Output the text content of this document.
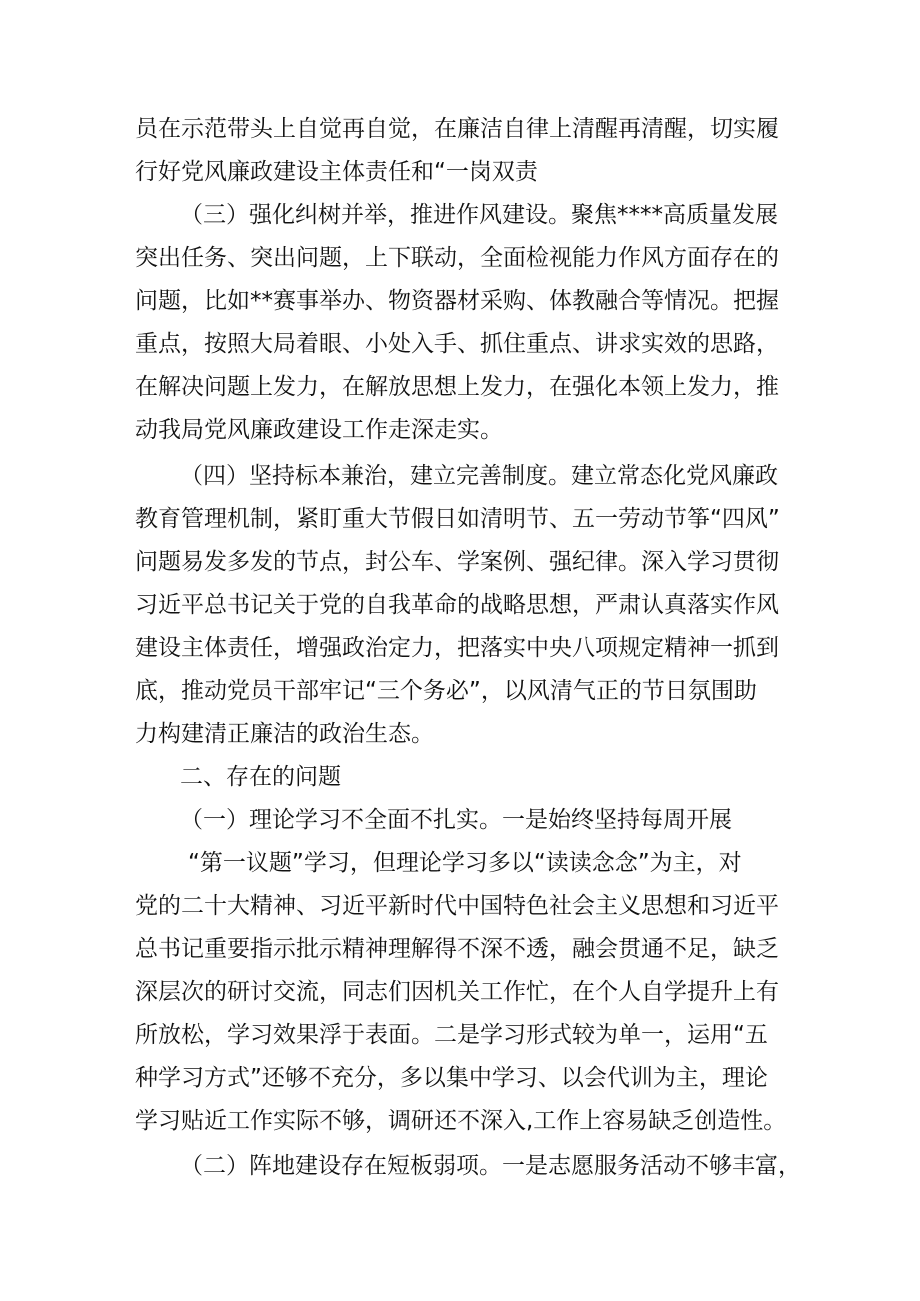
员在示范带头上自觉再自觉，在廉洁自律上清醒再清醒，切实履

行好党风廉政建设主体责任和“一岗双责

（三）强化纠树并举，推进作风建设。聚焦****高质量发展

突出任务、突出问题，上下联动，全面检视能力作风方面存在的

问题，比如**赛事举办、物资器材采购、体教融合等情况。把握

重点，按照大局着眼、小处入手、抓住重点、讲求实效的思路，

在解决问题上发力，在解放思想上发力，在强化本领上发力，推

动我局党风廉政建设工作走深走实。

（四）坚持标本兼治，建立完善制度。建立常态化党风廉政

教育管理机制，紧盯重大节假日如清明节、五一劳动节筝“四风”

问题易发多发的节点，封公车、学案例、强纪律。深入学习贯彻

习近平总书记关于党的自我革命的战略思想，严肃认真落实作风

建设主体责任，增强政治定力，把落实中央八项规定精神一抓到

底，推动党员干部牢记“三个务必”，以风清气正的节日氛围助

力构建清正廉洁的政治生态。

二、存在的问题

（一）理论学习不全面不扎实。一是始终坚持每周开展

“第一议题”学习，但理论学习多以“读读念念”为主，对

党的二十大精神、习近平新时代中国特色社会主义思想和习近平

总书记重要指示批示精神理解得不深不透，融会贯通不足，缺乏

深层次的研讨交流，同志们因机关工作忙，在个人自学提升上有

所放松，学习效果浮于表面。二是学习形式较为单一，运用“五

种学习方式”还够不充分，多以集中学习、以会代训为主，理论

学习贴近工作实际不够，调研还不深入,工作上容易缺乏创造性。

（二）阵地建设存在短板弱项。一是志愿服务活动不够丰富，
